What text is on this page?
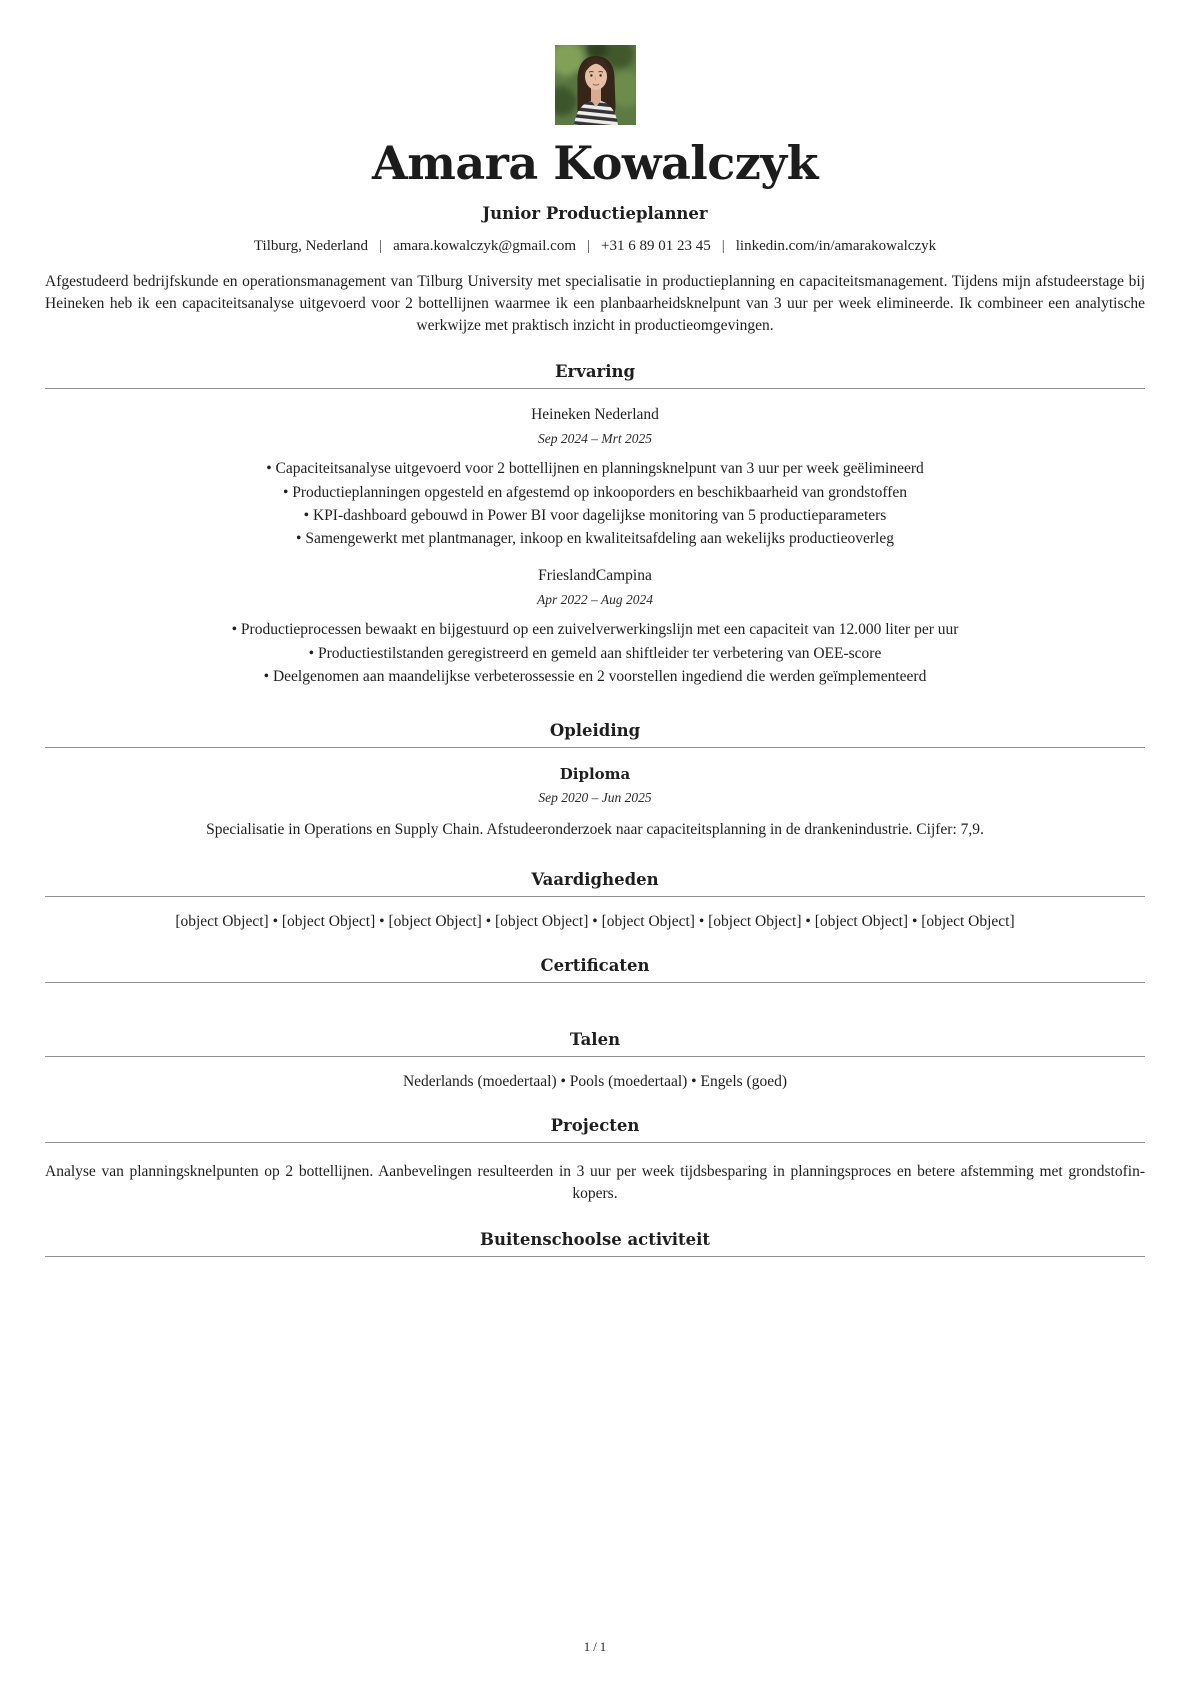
Amara Kowalczyk
Junior Productieplanner
Tilburg, Nederland | amara.kowalczyk@gmail.com | +31 6 89 01 23 45 | linkedin.com/in/amarakowalczyk

Afgestudeerd bedrijfskunde en operationsmanagement van Tilburg University met specialisatie in productieplanning en capaciteitsmanagement. Tijdens mijn afstudeerstage bij Heineken heb ik een capaciteitsanalyse uitgevoerd voor 2 bottellijnen waarmee ik een planbaarheidsknelpunt van 3 uur per week elimineerde. Ik combineer een analytische werkwijze met praktisch inzicht in productieomgevingen.

Ervaring
Heineken Nederland
Sep 2024 – Mrt 2025
• Capaciteitsanalyse uitgevoerd voor 2 bottellijnen en planningsknelpunt van 3 uur per week geëlimineerd
• Productieplanningen opgesteld en afgestemd op inkooporders en beschikbaarheid van grondstoffen
• KPI-dashboard gebouwd in Power BI voor dagelijkse monitoring van 5 productieparameters
• Samengewerkt met plantmanager, inkoop en kwaliteitsafdeling aan wekelijks productieoverleg
FrieslandCampina
Apr 2022 – Aug 2024
• Productieprocessen bewaakt en bijgestuurd op een zuivelverwerkingslijn met een capaciteit van 12.000 liter per uur
• Productiestilstanden geregistreerd en gemeld aan shiftleider ter verbetering van OEE-score
• Deelgenomen aan maandelijkse verbeterossessie en 2 voorstellen ingediend die werden geïmplementeerd
Opleiding
Diploma
Sep 2020 – Jun 2025
Specialisatie in Operations en Supply Chain. Afstudeeronderzoek naar capaciteitsplanning in de drankenindustrie. Cijfer: 7,9.
Vaardigheden
[object Object] • [object Object] • [object Object] • [object Object] • [object Object] • [object Object] • [object Object] • [object Object]
Certificaten
Talen
Nederlands (moedertaal) • Pools (moedertaal) • Engels (goed)
Projecten

Analyse van planningsknelpunten op 2 bottellijnen. Aanbevelingen resulteerden in 3 uur per week tijdsbesparing in planningsproces en betere afstemming met grondstofinkopers.

Buitenschoolse activiteit
1 / 1
